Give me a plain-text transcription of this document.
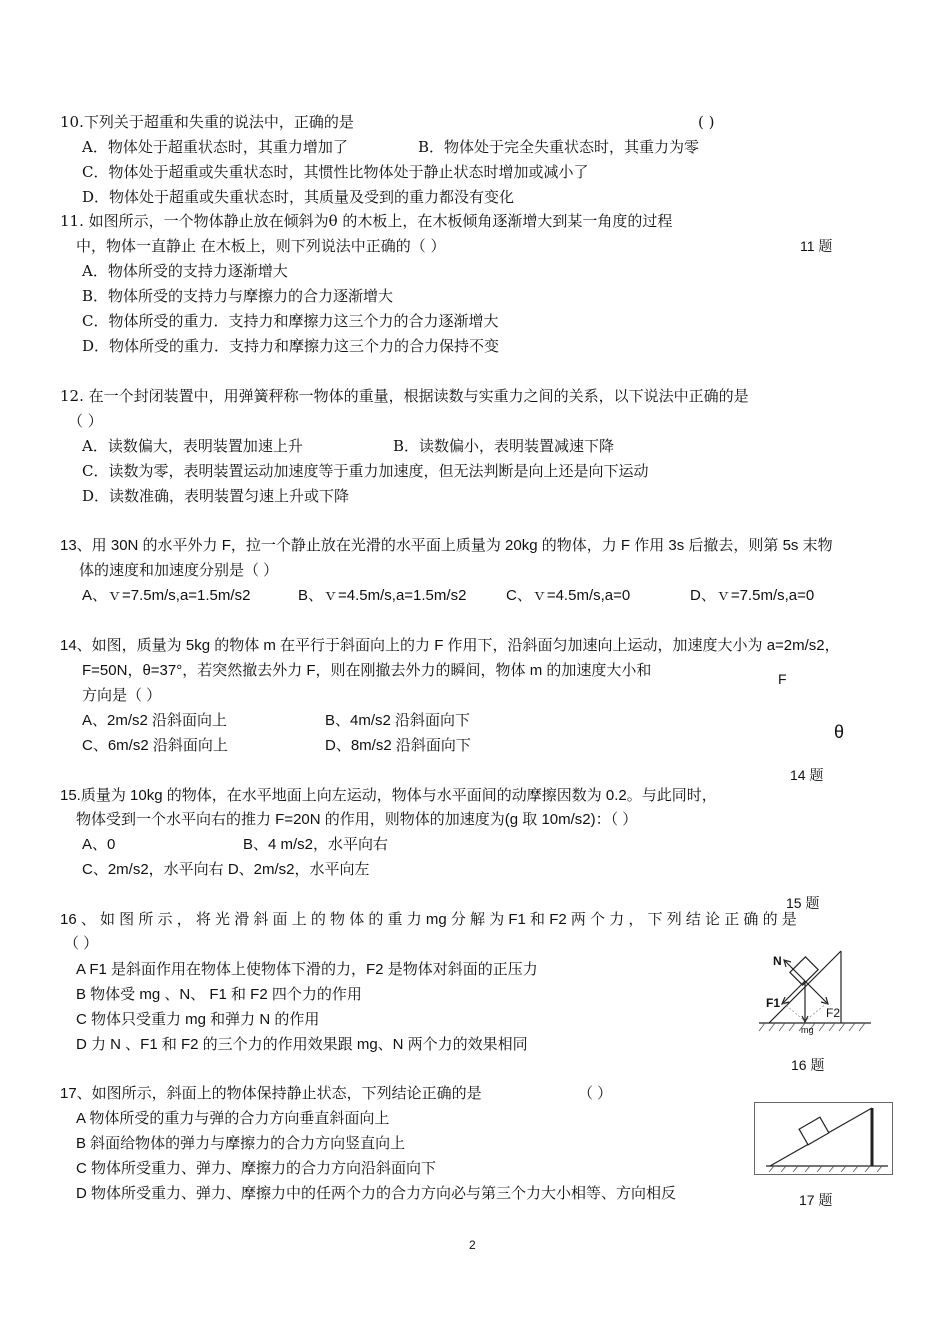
10.下列关于超重和失重的说法中，正确的是	( )
A．物体处于超重状态时，其重力增加了	B．物体处于完全失重状态时，其重力为零
C．物体处于超重或失重状态时，其惯性比物体处于静止状态时增加或减小了
D．物体处于超重或失重状态时，其质量及受到的重力都没有变化
11. 如图所示，一个物体静止放在倾斜为θ 的木板上，在木板倾角逐渐增大到某一角度的过程
中，物体一直静止 在木板上，则下列说法中正确的（ ）	11 题
A．物体所受的支持力逐渐增大
B．物体所受的支持力与摩擦力的合力逐渐增大
C．物体所受的重力．支持力和摩擦力这三个力的合力逐渐增大
D．物体所受的重力．支持力和摩擦力这三个力的合力保持不变
12. 在一个封闭装置中，用弹簧秤称一物体的重量，根据读数与实重力之间的关系，以下说法中正确的是
（ ）
A．读数偏大，表明装置加速上升	B．读数偏小，表明装置减速下降
C．读数为零，表明装置运动加速度等于重力加速度，但无法判断是向上还是向下运动
D．读数准确，表明装置匀速上升或下降
13、用 30N 的水平外力 F，拉一个静止放在光滑的水平面上质量为 20kg 的物体，力 F 作用 3s 后撤去，则第 5s 末物
体的速度和加速度分别是（ ）
A、ｖ=7.5m/s,a=1.5m/s2	B、ｖ=4.5m/s,a=1.5m/s2	C、ｖ=4.5m/s,a=0	D、ｖ=7.5m/s,a=0
14、如图，质量为 5kg 的物体 m 在平行于斜面向上的力 F 作用下，沿斜面匀加速向上运动，加速度大小为 a=2m/s2，
F=50N，θ=37°，若突然撤去外力 F，则在刚撤去外力的瞬间，物体 m 的加速度大小和
方向是（ ）
F
θ
A、2m/s2 沿斜面向上	B、4m/s2 沿斜面向下
C、6m/s2 沿斜面向上	D、8m/s2 沿斜面向下
14 题
15.质量为 10kg 的物体，在水平地面上向左运动，物体与水平面间的动摩擦因数为 0.2。与此同时，
物体受到一个水平向右的推力 F=20N 的作用，则物体的加速度为(g 取 10m/s2)：（ ）
A、0	B、4 m/s2，水平向右
C、2m/s2，水平向右 D、2m/s2，水平向左
15 题
16 、 如 图 所 示 ， 将 光 滑 斜 面 上 的 物 体 的 重 力 mg 分 解 为 F1 和 F2 两 个 力 ， 下 列 结 论 正 确 的 是
（ ）
A F1 是斜面作用在物体上使物体下滑的力，F2 是物体对斜面的正压力
B 物体受 mg 、N、 F1 和 F2 四个力的作用
C 物体只受重力 mg 和弹力 N 的作用
D 力 N 、F1 和 F2 的三个力的作用效果跟 mg、N 两个力的效果相同
N
F1
F2
mg
16 题
17、如图所示，斜面上的物体保持静止状态，下列结论正确的是	（ ）
A 物体所受的重力与弹的合力方向垂直斜面向上
B 斜面给物体的弹力与摩擦力的合力方向竖直向上
C 物体所受重力、弹力、摩擦力的合力方向沿斜面向下
D 物体所受重力、弹力、摩擦力中的任两个力的合力方向必与第三个力大小相等、方向相反	17 题
2
